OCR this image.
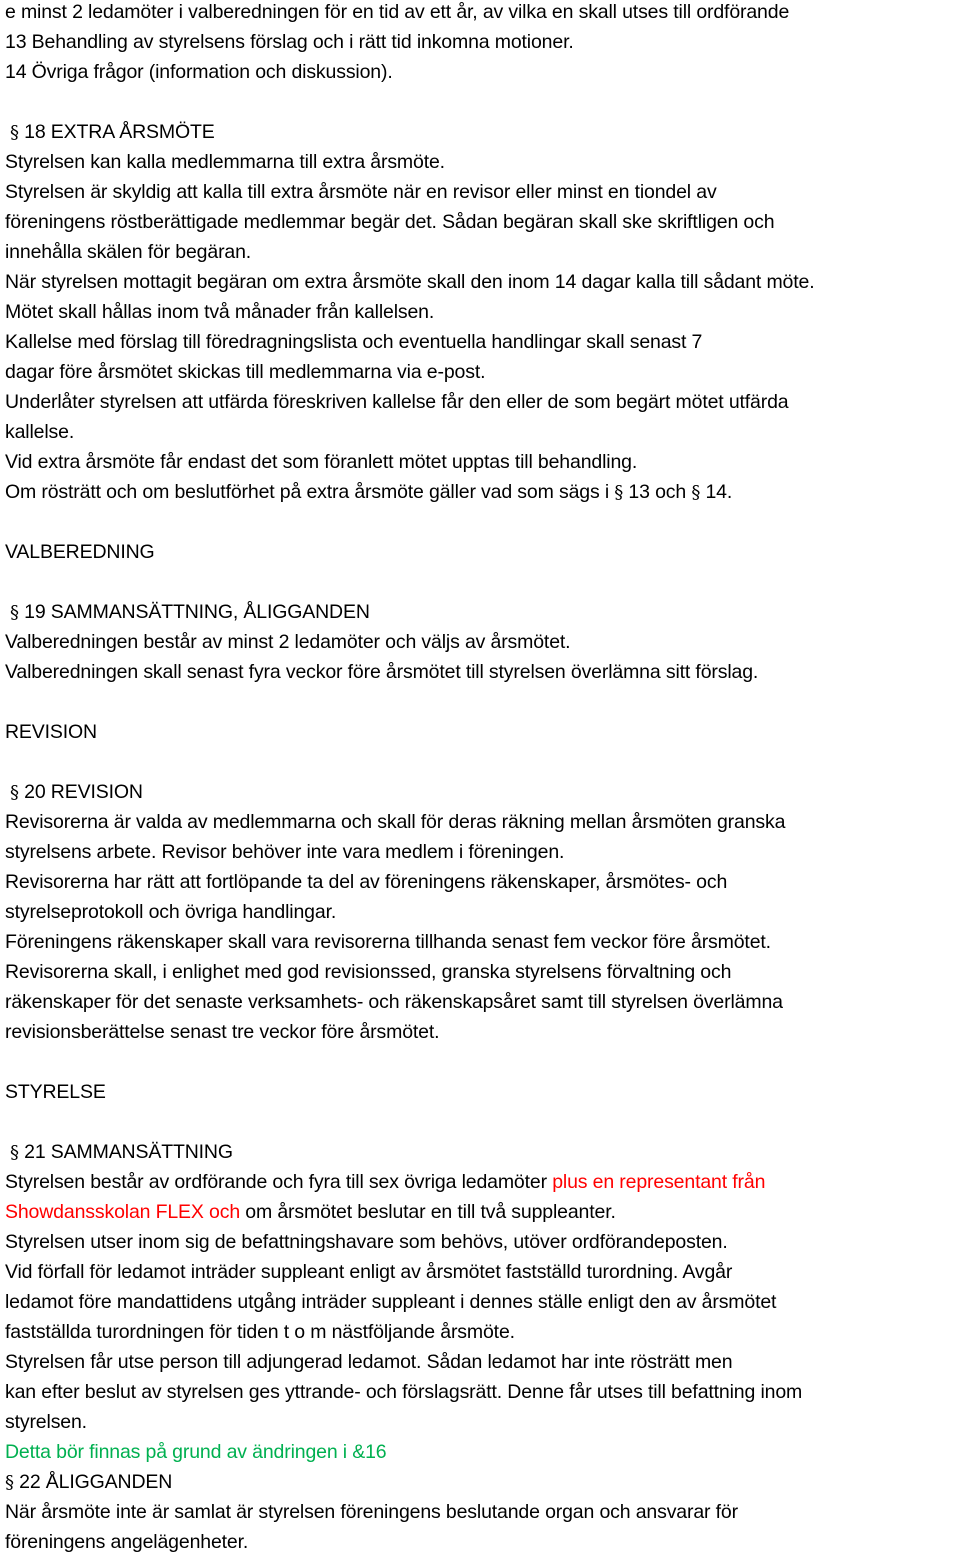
e minst 2 ledamöter i valberedningen för en tid av ett år, av vilka en skall utses till ordförande
13 Behandling av styrelsens förslag och i rätt tid inkomna motioner.
14 Övriga frågor (information och diskussion).
§ 18 EXTRA ÅRSMÖTE
Styrelsen kan kalla medlemmarna till extra årsmöte.
Styrelsen är skyldig att kalla till extra årsmöte när en revisor eller minst en tiondel av
föreningens röstberättigade medlemmar begär det. Sådan begäran skall ske skriftligen och
innehålla skälen för begäran.
När styrelsen mottagit begäran om extra årsmöte skall den inom 14 dagar kalla till sådant möte.
Mötet skall hållas inom två månader från kallelsen.
Kallelse med förslag till föredragningslista och eventuella handlingar skall senast 7
dagar före årsmötet skickas till medlemmarna via e-post.
Underlåter styrelsen att utfärda föreskriven kallelse får den eller de som begärt mötet utfärda
kallelse.
Vid extra årsmöte får endast det som föranlett mötet upptas till behandling.
Om rösträtt och om beslutförhet på extra årsmöte gäller vad som sägs i § 13 och § 14.
VALBEREDNING
§ 19 SAMMANSÄTTNING, ÅLIGGANDEN
Valberedningen består av minst 2 ledamöter och väljs av årsmötet.
Valberedningen skall senast fyra veckor före årsmötet till styrelsen överlämna sitt förslag.
REVISION
§ 20 REVISION
Revisorerna är valda av medlemmarna och skall för deras räkning mellan årsmöten granska
styrelsens arbete. Revisor behöver inte vara medlem i föreningen.
Revisorerna har rätt att fortlöpande ta del av föreningens räkenskaper, årsmötes- och
styrelseprotokoll och övriga handlingar.
Föreningens räkenskaper skall vara revisorerna tillhanda senast fem veckor före årsmötet.
Revisorerna skall, i enlighet med god revisionssed, granska styrelsens förvaltning och
räkenskaper för det senaste verksamhets- och räkenskapsåret samt till styrelsen överlämna
revisionsberättelse senast tre veckor före årsmötet.
STYRELSE
§ 21 SAMMANSÄTTNING
Styrelsen består av ordförande och fyra till sex övriga ledamöter plus en representant från
Showdansskolan FLEX och om årsmötet beslutar en till två suppleanter.
Styrelsen utser inom sig de befattningshavare som behövs, utöver ordförandeposten.
Vid förfall för ledamot inträder suppleant enligt av årsmötet fastställd turordning. Avgår
ledamot före mandattidens utgång inträder suppleant i dennes ställe enligt den av årsmötet
fastställda turordningen för tiden t o m nästföljande årsmöte.
Styrelsen får utse person till adjungerad ledamot. Sådan ledamot har inte rösträtt men
kan efter beslut av styrelsen ges yttrande- och förslagsrätt. Denne får utses till befattning inom
styrelsen.
Detta bör finnas på grund av ändringen i &16
§ 22 ÅLIGGANDEN
När årsmöte inte är samlat är styrelsen föreningens beslutande organ och ansvarar för
föreningens angelägenheter.
